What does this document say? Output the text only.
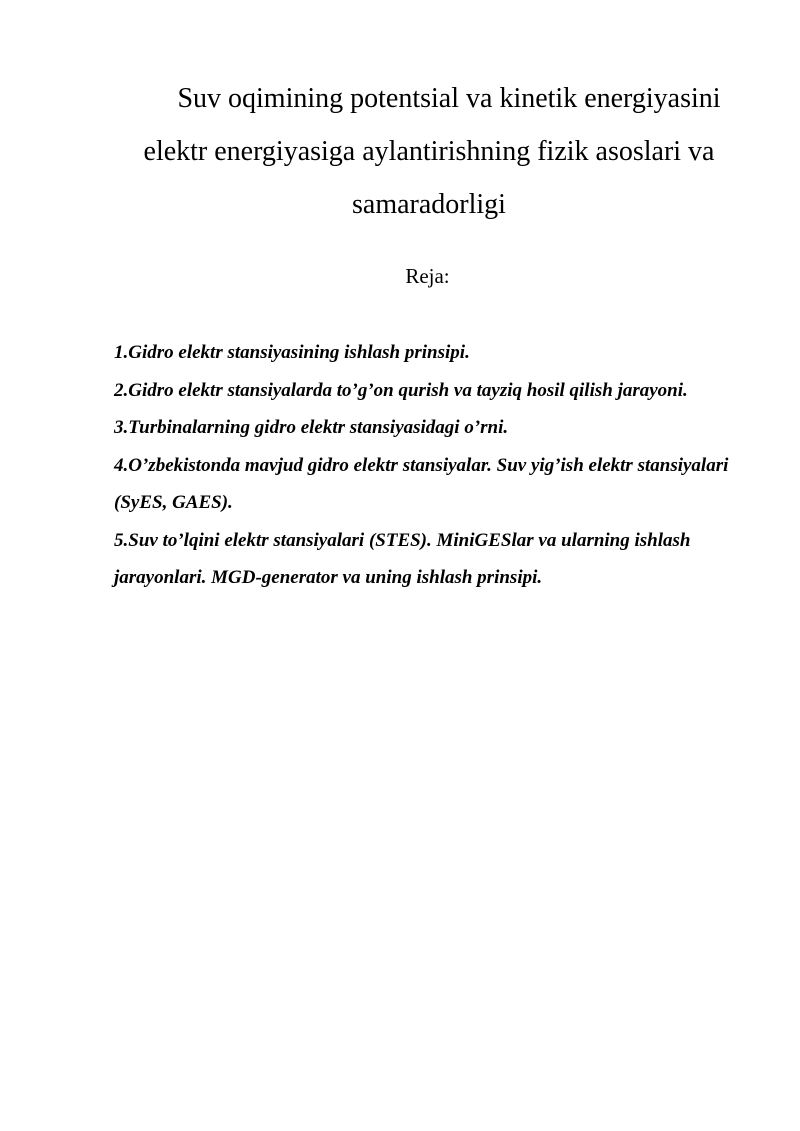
Suv oqimining potentsial va kinetik energiyasini elektr energiyasiga aylantirishning fizik asoslari va samaradorligi

Reja:

1.Gidro elektr stansiyasining ishlash prinsipi.
2.Gidro elektr stansiyalarda to’g’on qurish va tayziq hosil qilish jarayoni.
3.Turbinalarning gidro elektr stansiyasidagi o’rni.
4.O’zbekistonda mavjud gidro elektr stansiyalar. Suv yig’ish elektr stansiyalari (SyES, GAES).
5.Suv to’lqini elektr stansiyalari (STES). MiniGESlar va ularning ishlash jarayonlari. MGD-generator va uning ishlash prinsipi.
